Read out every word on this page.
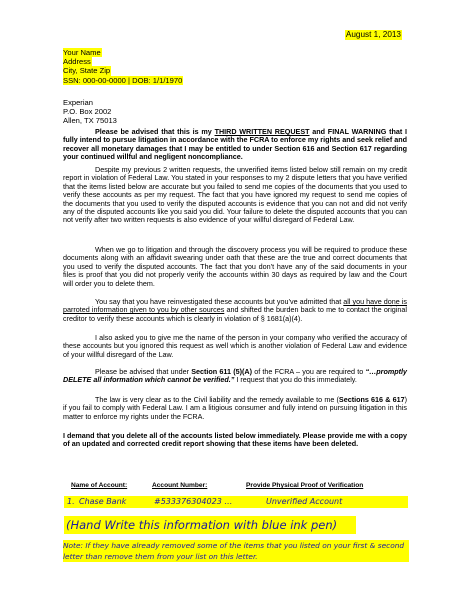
August 1, 2013
Your Name
Address
City, State Zip
SSN: 000-00-0000 | DOB: 1/1/1970
Experian
P.O. Box 2002
Allen, TX 75013
Please be advised that this is my THIRD WRITTEN REQUEST and FINAL WARNING that I fully intend to pursue litigation in accordance with the FCRA to enforce my rights and seek relief and recover all monetary damages that I may be entitled to under Section 616 and Section 617 regarding your continued willful and negligent noncompliance.
Despite my previous 2 written requests, the unverified items listed below still remain on my credit report in violation of Federal Law. You stated in your responses to my 2 dispute letters that you have verified that the items listed below are accurate but you failed to send me copies of the documents that you used to verify these accounts as per my request. The fact that you have ignored my request to send me copies of the documents that you used to verify the disputed accounts is evidence that you can not and did not verify any of the disputed accounts like you said you did. Your failure to delete the disputed accounts that you can not verify after two written requests is also evidence of your willful disregard of Federal Law.
When we go to litigation and through the discovery process you will be required to produce these documents along with an affidavit swearing under oath that these are the true and correct documents that you used to verify the disputed accounts. The fact that you don’t have any of the said documents in your files is proof that you did not properly verify the accounts within 30 days as required by law and the Court will order you to delete them.
You say that you have reinvestigated these accounts but you’ve admitted that all you have done is parroted information given to you by other sources and shifted the burden back to me to contact the original creditor to verify these accounts which is clearly in violation of § 1681(a)(4).
I also asked you to give me the name of the person in your company who verified the accuracy of these accounts but you ignored this request as well which is another violation of Federal Law and evidence of your willful disregard of the Law.
Please be advised that under Section 611 (5)(A) of the FCRA – you are required to “…promptly DELETE all information which cannot be verified.” I request that you do this immediately.
The law is very clear as to the Civil liability and the remedy available to me (Sections 616 & 617) if you fail to comply with Federal Law. I am a litigious consumer and fully intend on pursuing litigation in this matter to enforce my rights under the FCRA.
I demand that you delete all of the accounts listed below immediately. Please provide me with a copy of an updated and corrected credit report showing that these items have been deleted.
Name of Account:	Account Number:	Provide Physical Proof of Verification
1. Chase Bank	#533376304023 …	Unverified Account
(Hand Write this information with blue ink pen)
Note: If they have already removed some of the items that you listed on your first & second letter than remove them from your list on this letter.
